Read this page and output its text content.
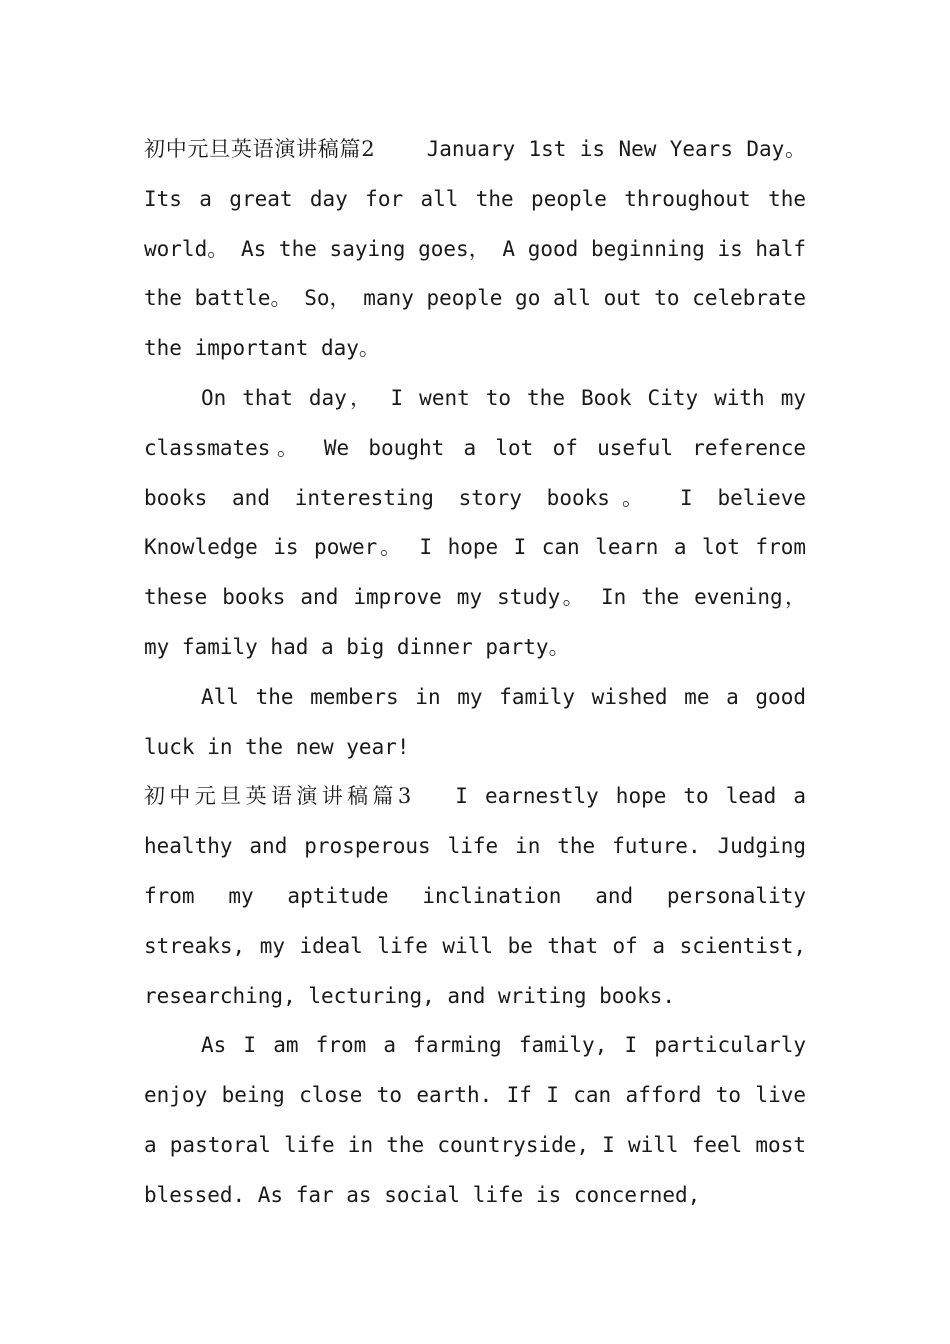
初中元旦英语演讲稿篇2 January 1st is New Years Day。 Its a great day for all the people throughout the world。 As the saying goes， A good beginning is half the battle。 So， many people go all out to celebrate the important day。

On that day， I went to the Book City with my classmates。 We bought a lot of useful reference books and interesting story books。 I believe Knowledge is power。 I hope I can learn a lot from these books and improve my study。 In the evening， my family had a big dinner party。

All the members in my family wished me a good luck in the new year!

初中元旦英语演讲稿篇3 I earnestly hope to lead a healthy and prosperous life in the future. Judging from my aptitude inclination and personality streaks, my ideal life will be that of a scientist, researching, lecturing, and writing books.

As I am from a farming family, I particularly enjoy being close to earth. If I can afford to live a pastoral life in the countryside, I will feel most blessed. As far as social life is concerned,
